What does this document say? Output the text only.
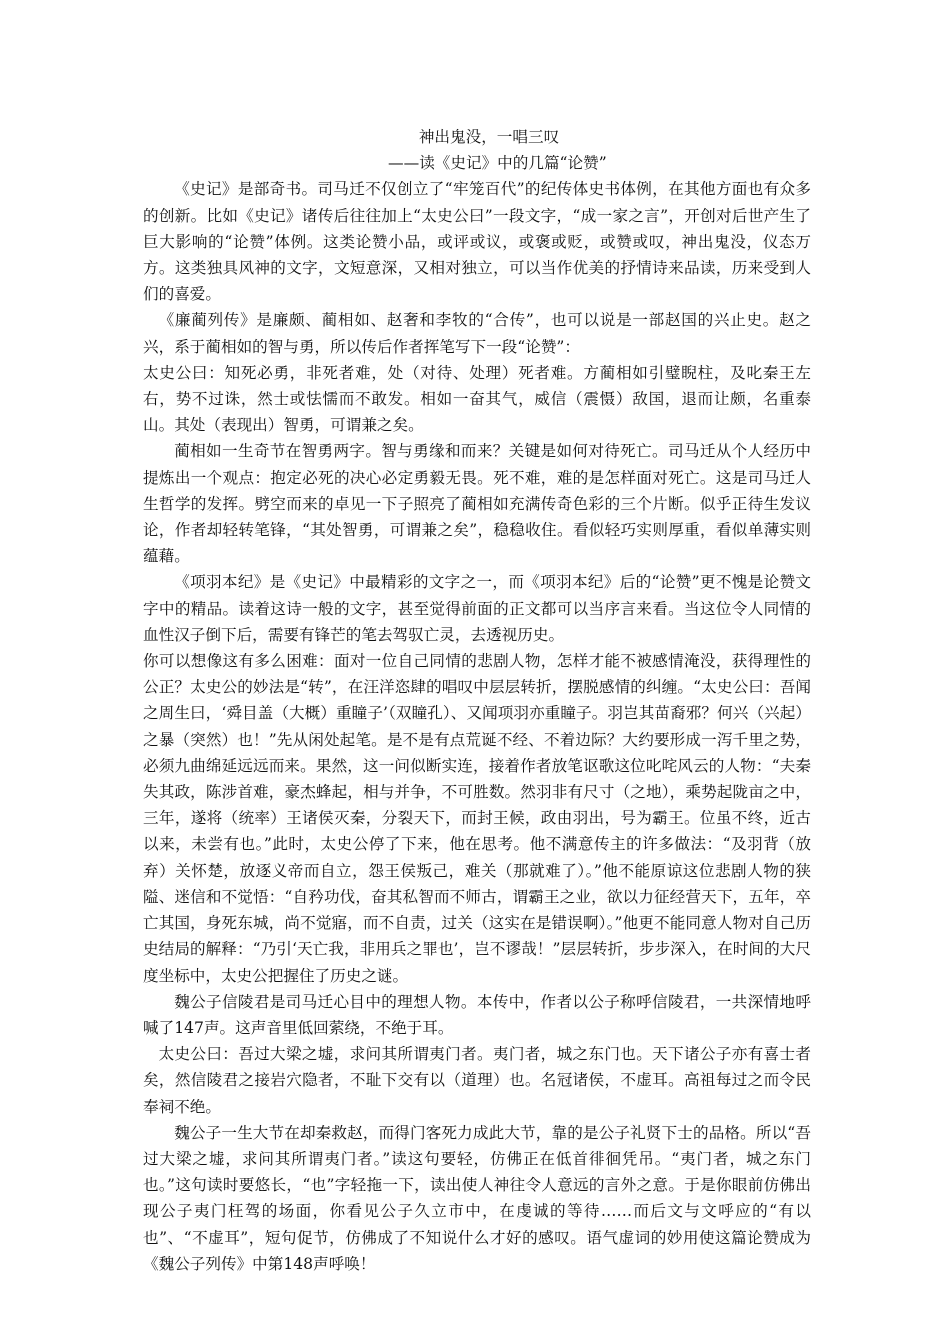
神出鬼没，一唱三叹
——读《史记》中的几篇“论赞”

《史记》是部奇书。司马迁不仅创立了“牢笼百代”的纪传体史书体例，在其他方面也有众多的创新。比如《史记》诸传后往往加上“太史公曰”一段文字，“成一家之言”，开创对后世产生了巨大影响的“论赞”体例。这类论赞小品，或评或议，或褒或贬，或赞或叹，神出鬼没，仪态万方。这类独具风神的文字，文短意深，又相对独立，可以当作优美的抒情诗来品读，历来受到人们的喜爱。

《廉蔺列传》是廉颇、蔺相如、赵奢和李牧的“合传”，也可以说是一部赵国的兴止史。赵之兴，系于蔺相如的智与勇，所以传后作者挥笔写下一段“论赞”：

太史公曰：知死必勇，非死者难，处（对待、处理）死者难。方蔺相如引璧睨柱，及叱秦王左右，势不过诛，然士或怯懦而不敢发。相如一奋其气，威信（震慑）敌国，退而让颇，名重泰山。其处（表现出）智勇，可谓兼之矣。

蔺相如一生奇节在智勇两字。智与勇缘和而来？关键是如何对待死亡。司马迁从个人经历中提炼出一个观点：抱定必死的决心必定勇毅无畏。死不难，难的是怎样面对死亡。这是司马迁人生哲学的发挥。劈空而来的卓见一下子照亮了蔺相如充满传奇色彩的三个片断。似乎正待生发议论，作者却轻转笔锋，“其处智勇，可谓兼之矣”，稳稳收住。看似轻巧实则厚重，看似单薄实则蕴藉。

《项羽本纪》是《史记》中最精彩的文字之一，而《项羽本纪》后的“论赞”更不愧是论赞文字中的精品。读着这诗一般的文字，甚至觉得前面的正文都可以当序言来看。当这位令人同情的血性汉子倒下后，需要有锋芒的笔去驾驭亡灵，去透视历史。

你可以想像这有多么困难：面对一位自己同情的悲剧人物，怎样才能不被感情淹没，获得理性的公正？太史公的妙法是“转”，在汪洋恣肆的唱叹中层层转折，摆脱感情的纠缠。“太史公曰：吾闻之周生曰，‘舜目盖（大概）重瞳子’（双瞳孔）、又闻项羽亦重瞳子。羽岂其苗裔邪？何兴（兴起）之暴（突然）也！”先从闲处起笔。是不是有点荒诞不经、不着边际？大约要形成一泻千里之势，必须九曲绵延远远而来。果然，这一问似断实连，接着作者放笔讴歌这位叱咤风云的人物：“夫秦失其政，陈涉首难，豪杰蜂起，相与并争，不可胜数。然羽非有尺寸（之地），乘势起陇亩之中，三年，遂将（统率）王诸侯灭秦，分裂天下，而封王候，政由羽出，号为霸王。位虽不终，近古以来，未尝有也。”此时，太史公停了下来，他在思考。他不满意传主的许多做法：“及羽背（放弃）关怀楚，放逐义帝而自立，怨王侯叛己，难关（那就难了）。”他不能原谅这位悲剧人物的狭隘、迷信和不觉悟：“自矜功伐，奋其私智而不师古，谓霸王之业，欲以力征经营天下，五年，卒亡其国，身死东城，尚不觉寤，而不自责，过关（这实在是错误啊）。”他更不能同意人物对自己历史结局的解释：“乃引‘天亡我，非用兵之罪也’，岂不谬哉！”层层转折，步步深入，在时间的大尺度坐标中，太史公把握住了历史之谜。

魏公子信陵君是司马迁心目中的理想人物。本传中，作者以公子称呼信陵君，一共深情地呼喊了147声。这声音里低回萦绕，不绝于耳。

太史公曰：吾过大梁之墟，求问其所谓夷门者。夷门者，城之东门也。天下诸公子亦有喜士者矣，然信陵君之接岩穴隐者，不耻下交有以（道理）也。名冠诸侯，不虚耳。高祖每过之而令民奉祠不绝。

魏公子一生大节在却秦救赵，而得门客死力成此大节，靠的是公子礼贤下士的品格。所以“吾过大梁之墟，求问其所谓夷门者。”读这句要轻，仿佛正在低首徘徊凭吊。“夷门者，城之东门也。”这句读时要悠长，“也”字轻拖一下，读出使人神往令人意远的言外之意。于是你眼前仿佛出现公子夷门枉驾的场面，你看见公子久立市中，在虔诚的等待……而后文与文呼应的“有以也”、“不虚耳”，短句促节，仿佛成了不知说什么才好的感叹。语气虚词的妙用使这篇论赞成为《魏公子列传》中第148声呼唤！
